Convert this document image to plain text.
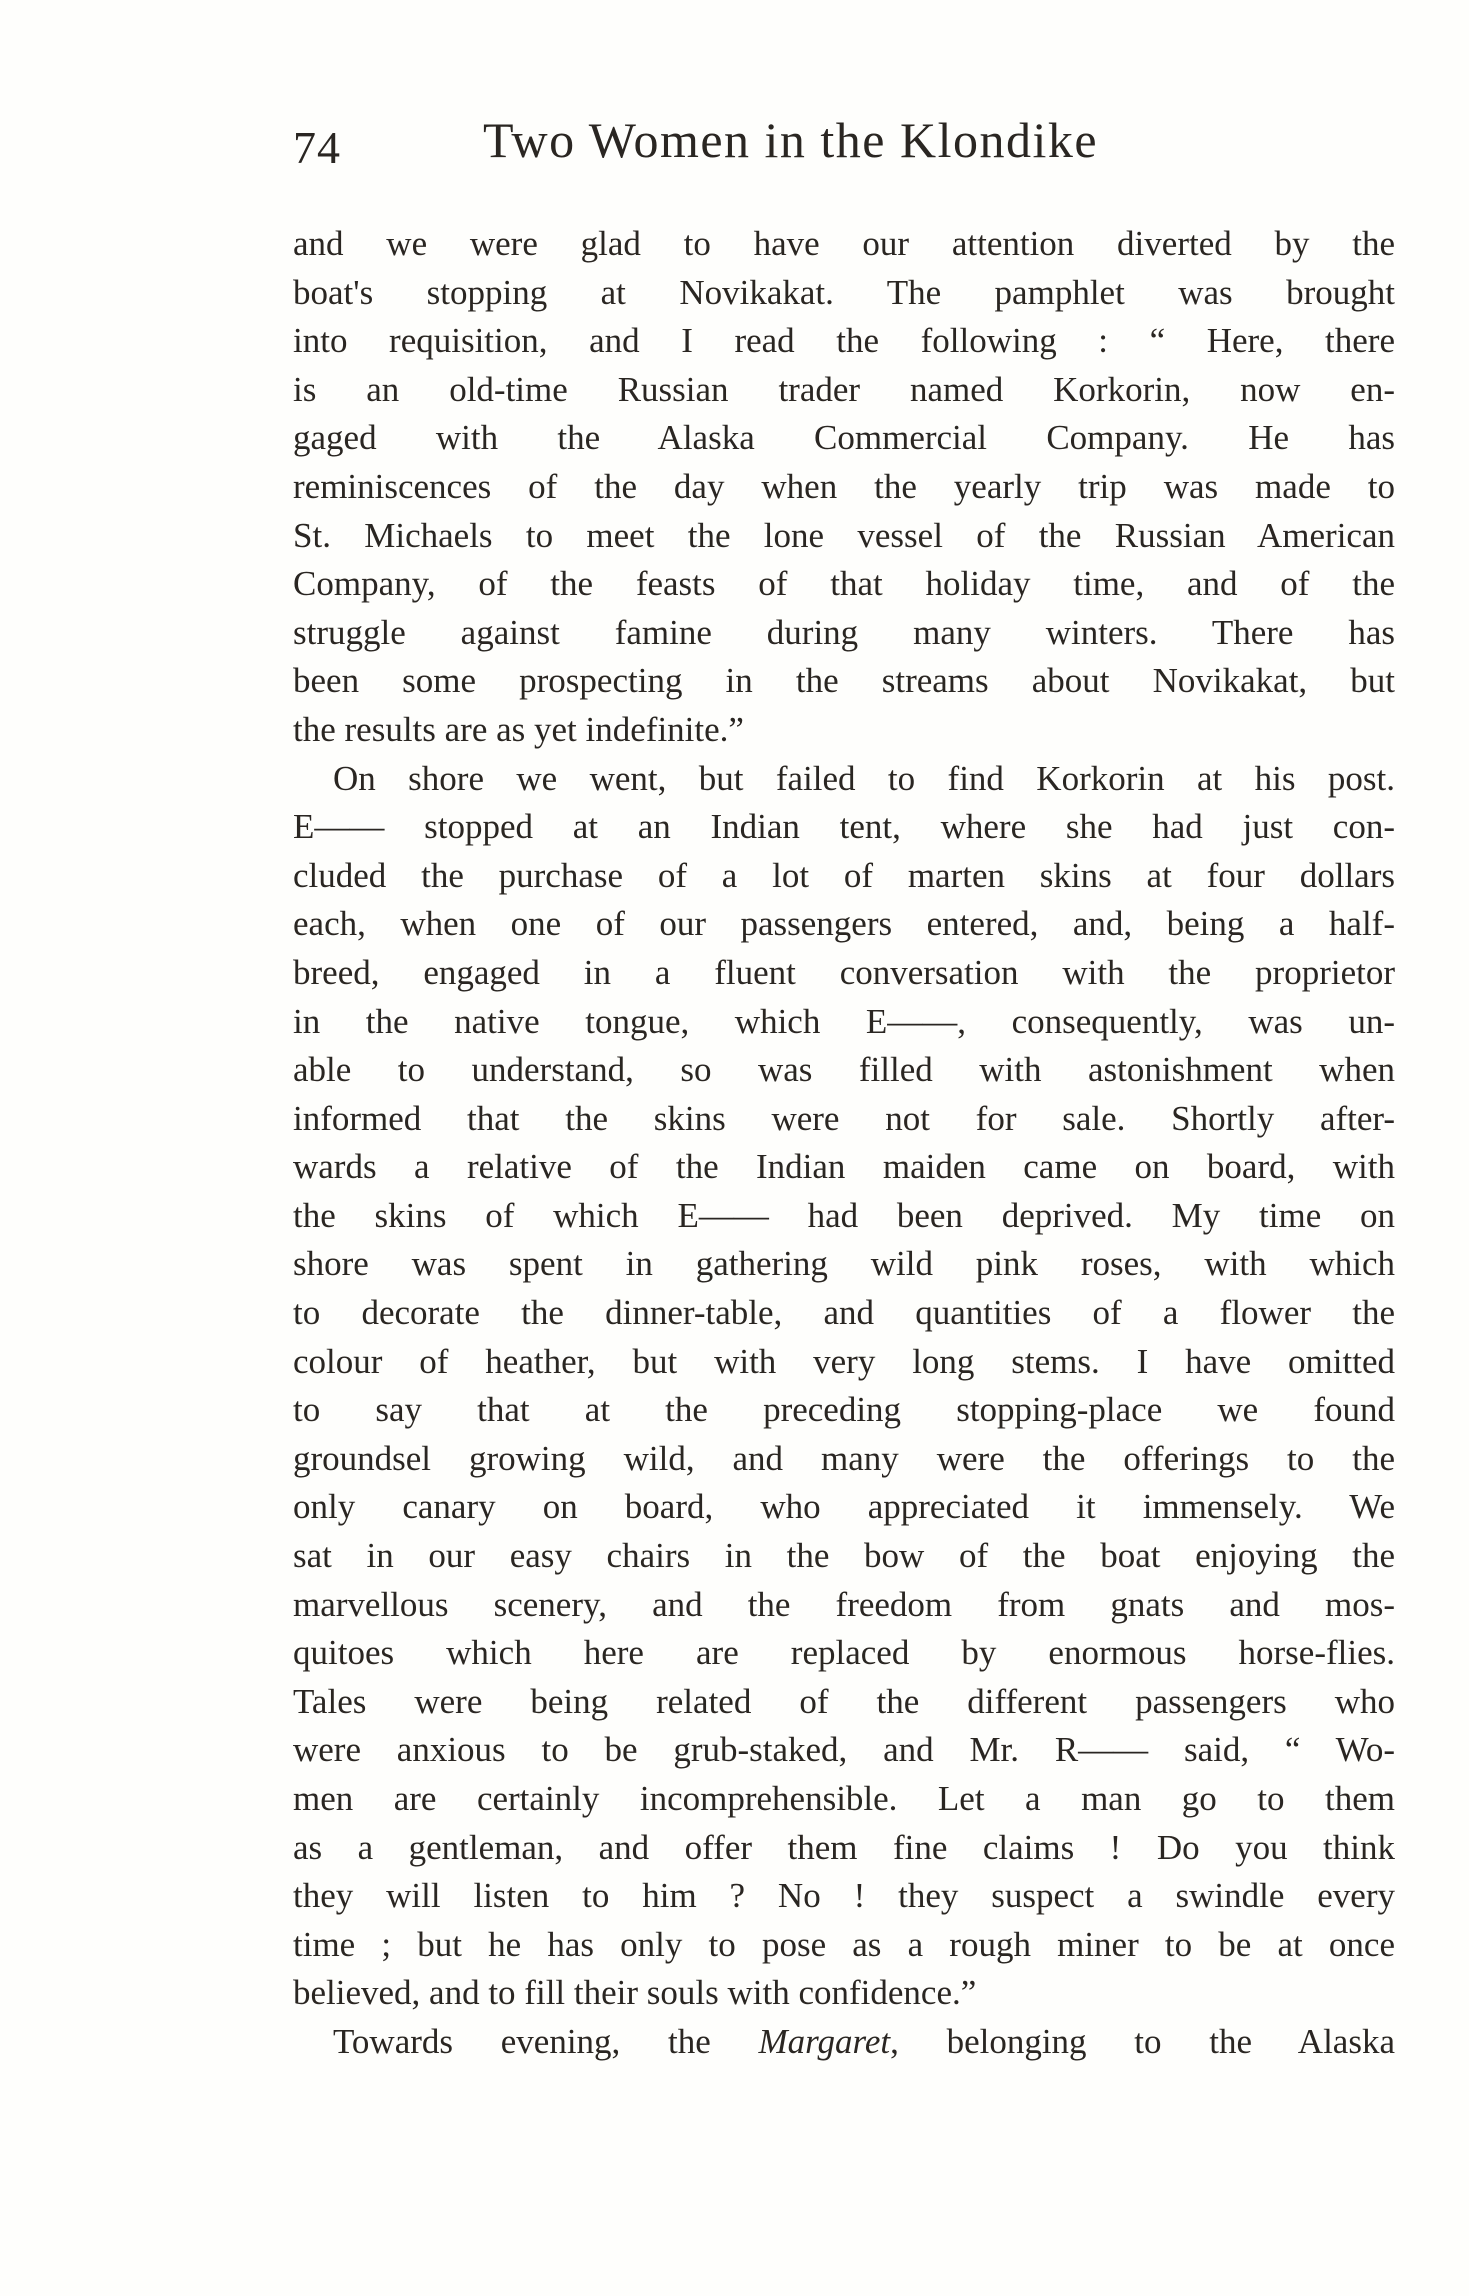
74	Two Women in the Klondike
and we were glad to have our attention diverted by the
boat's stopping at Novikakat. The pamphlet was brought
into requisition, and I read the following : “ Here, there
is an old-time Russian trader named Korkorin, now en-
gaged with the Alaska Commercial Company. He has
reminiscences of the day when the yearly trip was made to
St. Michaels to meet the lone vessel of the Russian American
Company, of the feasts of that holiday time, and of the
struggle against famine during many winters. There has
been some prospecting in the streams about Novikakat, but
the results are as yet indefinite.”
On shore we went, but failed to find Korkorin at his post.
E—— stopped at an Indian tent, where she had just con-
cluded the purchase of a lot of marten skins at four dollars
each, when one of our passengers entered, and, being a half-
breed, engaged in a fluent conversation with the proprietor
in the native tongue, which E——, consequently, was un-
able to understand, so was filled with astonishment when
informed that the skins were not for sale. Shortly after-
wards a relative of the Indian maiden came on board, with
the skins of which E—— had been deprived. My time on
shore was spent in gathering wild pink roses, with which
to decorate the dinner-table, and quantities of a flower the
colour of heather, but with very long stems. I have omitted
to say that at the preceding stopping-place we found
groundsel growing wild, and many were the offerings to the
only canary on board, who appreciated it immensely. We
sat in our easy chairs in the bow of the boat enjoying the
marvellous scenery, and the freedom from gnats and mos-
quitoes which here are replaced by enormous horse-flies.
Tales were being related of the different passengers who
were anxious to be grub-staked, and Mr. R—— said, “ Wo-
men are certainly incomprehensible. Let a man go to them
as a gentleman, and offer them fine claims ! Do you think
they will listen to him ? No ! they suspect a swindle every
time ; but he has only to pose as a rough miner to be at once
believed, and to fill their souls with confidence.”
Towards evening, the Margaret, belonging to the Alaska
